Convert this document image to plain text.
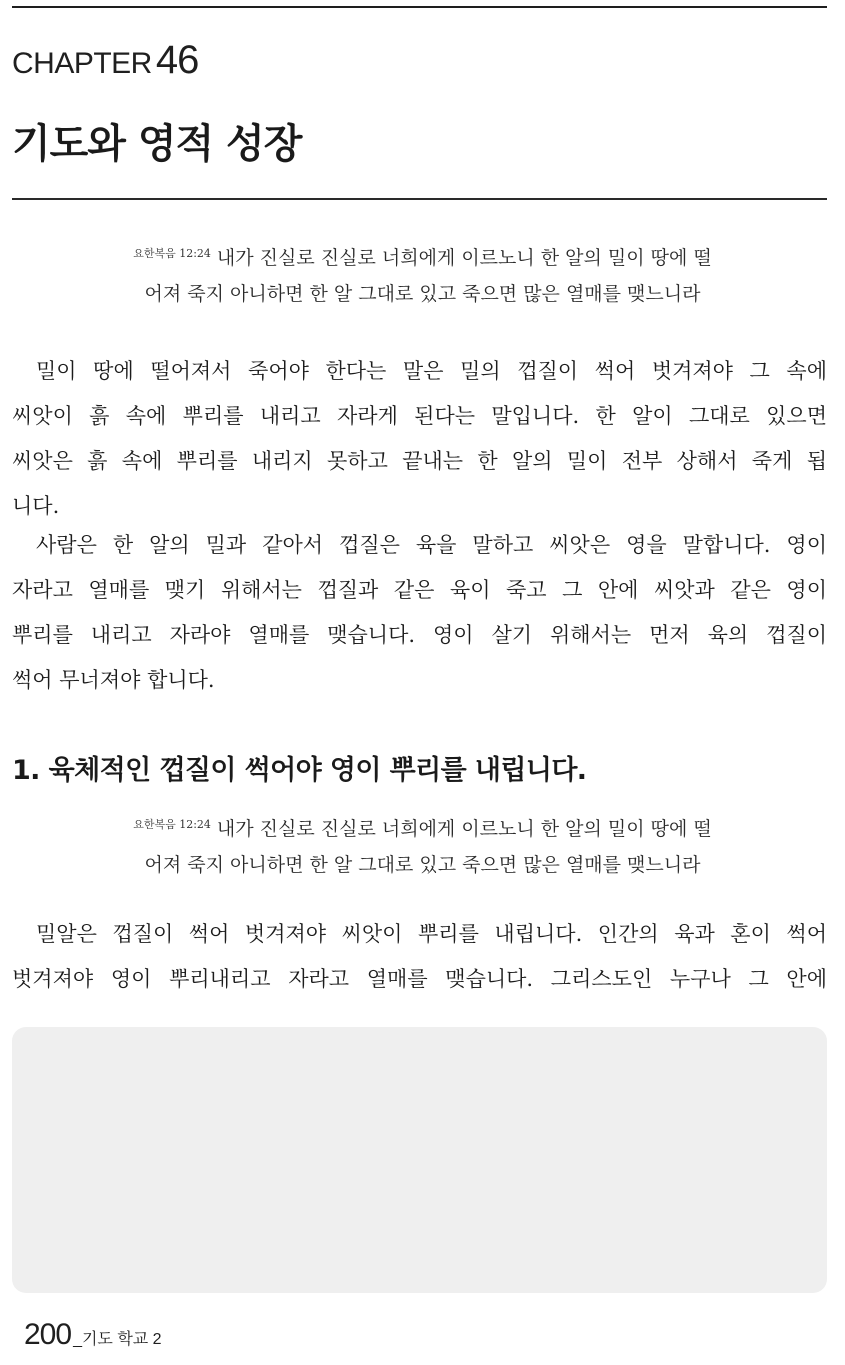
CHAPTER 46
기도와 영적 성장
$^{요한복음 12:24}$ 내가 진실로 진실로 너희에게 이르노니 한 알의 밀이 땅에 떨
어져 죽지 아니하면 한 알 그대로 있고 죽으면 많은 열매를 맺느니라
밀이 땅에 떨어져서 죽어야 한다는 말은 밀의 껍질이 썩어 벗겨져야 그 속에
씨앗이 흙 속에 뿌리를 내리고 자라게 된다는 말입니다. 한 알이 그대로 있으면
씨앗은 흙 속에 뿌리를 내리지 못하고 끝내는 한 알의 밀이 전부 상해서 죽게 됩
니다.
사람은 한 알의 밀과 같아서 껍질은 육을 말하고 씨앗은 영을 말합니다. 영이
자라고 열매를 맺기 위해서는 껍질과 같은 육이 죽고 그 안에 씨앗과 같은 영이
뿌리를 내리고 자라야 열매를 맺습니다. 영이 살기 위해서는 먼저 육의 껍질이
썩어 무너져야 합니다.
1. 육체적인 껍질이 썩어야 영이 뿌리를 내립니다.
$^{요한복음 12:24}$ 내가 진실로 진실로 너희에게 이르노니 한 알의 밀이 땅에 떨
어져 죽지 아니하면 한 알 그대로 있고 죽으면 많은 열매를 맺느니라
밀알은 껍질이 썩어 벗겨져야 씨앗이 뿌리를 내립니다. 인간의 육과 혼이 썩어
벗겨져야 영이 뿌리내리고 자라고 열매를 맺습니다. 그리스도인 누구나 그 안에
200 _기도 학교 2
